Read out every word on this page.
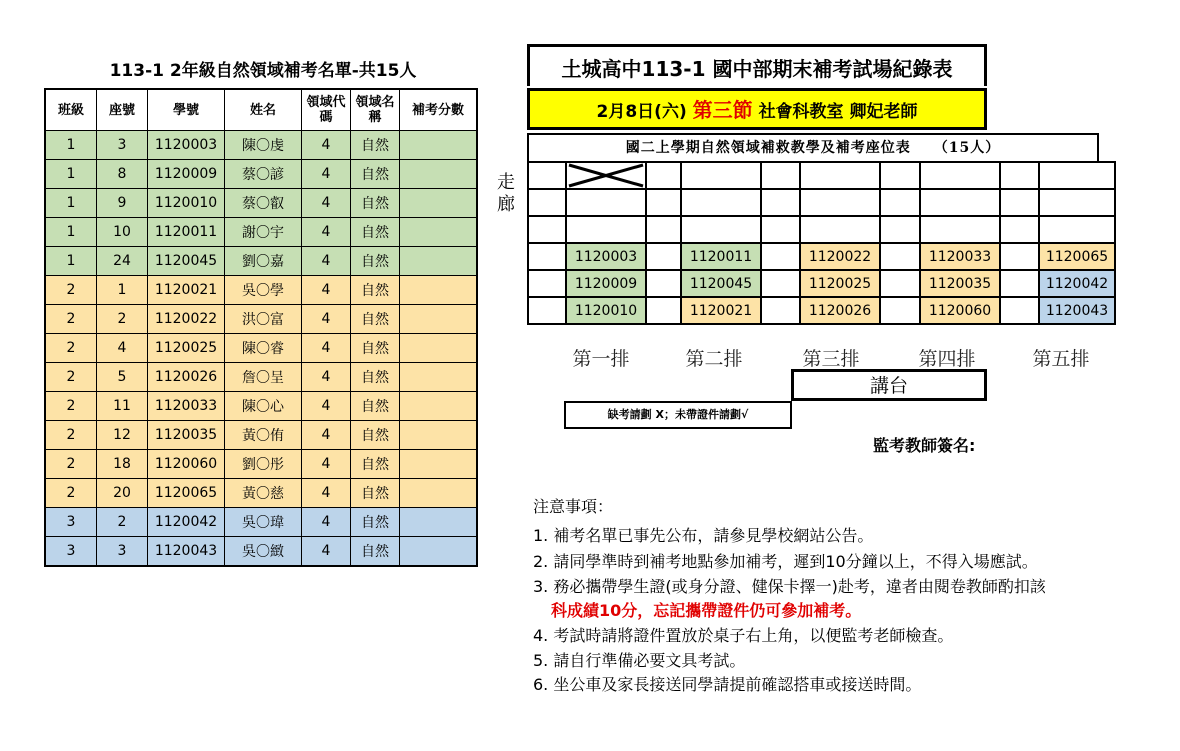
113-1 2年級自然領域補考名單-共15人
班級	座號	學號	姓名	領域代碼	領域名稱	補考分數
1	3	1120003	陳〇虔	4	自然	
1	8	1120009	蔡〇諺	4	自然	
1	9	1120010	蔡〇叡	4	自然	
1	10	1120011	謝〇宇	4	自然	
1	24	1120045	劉〇嘉	4	自然	
2	1	1120021	吳〇學	4	自然	
2	2	1120022	洪〇富	4	自然	
2	4	1120025	陳〇睿	4	自然	
2	5	1120026	詹〇呈	4	自然	
2	11	1120033	陳〇心	4	自然	
2	12	1120035	黃〇侑	4	自然	
2	18	1120060	劉〇彤	4	自然	
2	20	1120065	黃〇慈	4	自然	
3	2	1120042	吳〇瑋	4	自然	
3	3	1120043	吳〇緻	4	自然	
土城高中113-1 國中部期末補考試場紀錄表
2月8日(六) 第三節 社會科教室 卿妃老師
國二上學期自然領域補救教學及補考座位表　　（15人）
走廊

	1120003		1120011		1120022		1120033		1120065
	1120009		1120045		1120025		1120035		1120042
	1120010		1120021		1120026		1120060		1120043
第一排	第二排	第三排	第四排	第五排
講台
缺考請劃 X；未帶證件請劃√
監考教師簽名:
注意事項：
1. 補考名單已事先公布，請參見學校網站公告。
2. 請同學準時到補考地點參加補考，遲到10分鐘以上，不得入場應試。
3. 務必攜帶學生證(或身分證、健保卡擇一)赴考，違者由閱卷教師酌扣該
科成績10分，忘記攜帶證件仍可參加補考。
4. 考試時請將證件置放於桌子右上角，以便監考老師檢查。
5. 請自行準備必要文具考試。
6. 坐公車及家長接送同學請提前確認搭車或接送時間。
